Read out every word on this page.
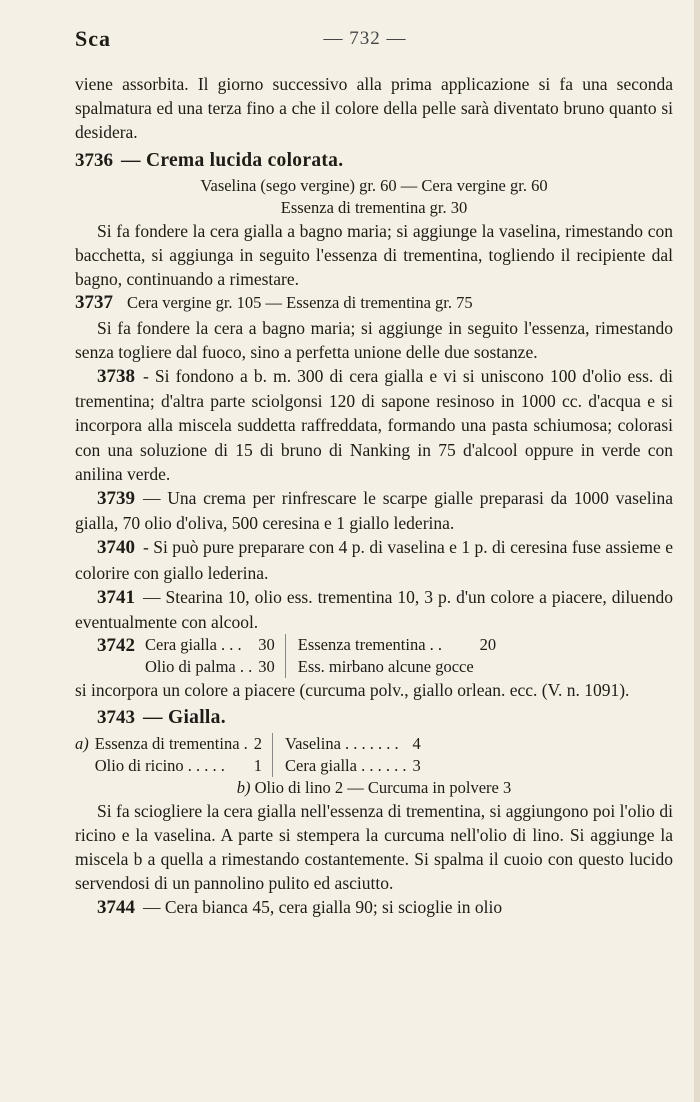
— 732 —
Sca

viene assorbita. Il giorno successivo alla prima applicazione si fa una seconda spalmatura ed una terza fino a che il colore della pelle sarà diventato bruno quanto si desidera.

3736 — Crema lucida colorata.
Vaselina (sego vergine) gr. 60 — Cera vergine gr. 60
Essenza di trementina gr. 30

Si fa fondere la cera gialla a bagno maria; si aggiunge la vaselina, rimestando con bacchetta, si aggiunga in seguito l'essenza di trementina, togliendo il recipiente dal bagno, continuando a rimestare.

3737 Cera vergine gr. 105 — Essenza di trementina gr. 75

Si fa fondere la cera a bagno maria; si aggiunge in seguito l'essenza, rimestando senza togliere dal fuoco, sino a perfetta unione delle due sostanze.

3738 - Si fondono a b. m. 300 di cera gialla e vi si uniscono 100 d'olio ess. di trementina; d'altra parte sciolgonsi 120 di sapone resinoso in 1000 cc. d'acqua e si incorpora alla miscela suddetta raffreddata, formando una pasta schiumosa; colorasi con una soluzione di 15 di bruno di Nanking in 75 d'alcool oppure in verde con anilina verde.

3739 — Una crema per rinfrescare le scarpe gialle preparasi da 1000 vaselina gialla, 70 olio d'oliva, 500 ceresina e 1 giallo lederina.

3740 - Si può pure preparare con 4 p. di vaselina e 1 p. di ceresina fuse assieme e colorire con giallo lederina.

3741 — Stearina 10, olio ess. trementina 10, 3 p. d'un colore a piacere, diluendo eventualmente con alcool.

3742 Cera gialla . . .	30	Essenza trementina . .	20
Olio di palma . .	30	Ess. mirbano alcune gocce	

si incorpora un colore a piacere (curcuma polv., giallo orlean. ecc. (V. n. 1091).

3743 — Gialla.
a) Essenza di trementina .	2	Vaselina . . . . . . .	4
Olio di ricino . . . . .	1	Cera gialla . . . . . .	3
b) Olio di lino 2 — Curcuma in polvere 3

Si fa sciogliere la cera gialla nell'essenza di trementina, si aggiungono poi l'olio di ricino e la vaselina. A parte si stempera la curcuma nell'olio di lino. Si aggiunge la miscela b a quella a rimestando costantemente. Si spalma il cuoio con questo lucido servendosi di un pannolino pulito ed asciutto.

3744 — Cera bianca 45, cera gialla 90; si scioglie in olio
